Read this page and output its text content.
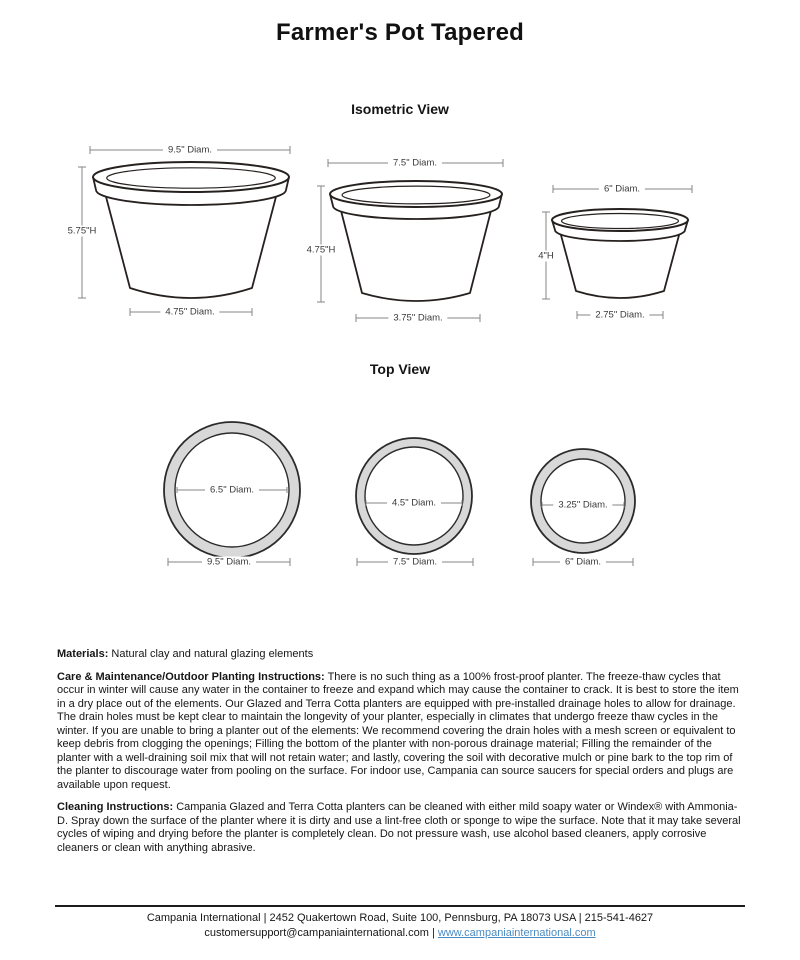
Farmer's Pot Tapered
Isometric View
Top View
9.5" Diam.
5.75"H
4.75" Diam.
7.5" Diam.
4.75"H
3.75" Diam.
6" Diam.
4"H
2.75" Diam.
6.5" Diam.
4.5" Diam.	3.25" Diam.
9.5" Diam.	7.5" Diam.	6" Diam.

Materials: Natural clay and natural glazing elements

Care & Maintenance/Outdoor Planting Instructions: There is no such thing as a 100% frost-proof planter. The freeze-thaw cycles that occur in winter will cause any water in the container to freeze and expand which may cause the container to crack. It is best to store the item in a dry place out of the elements. Our Glazed and Terra Cotta planters are equipped with pre-installed drainage holes to allow for drainage. The drain holes must be kept clear to maintain the longevity of your planter, especially in climates that undergo freeze thaw cycles in the winter. If you are unable to bring a planter out of the elements: We recommend covering the drain holes with a mesh screen or equivalent to keep debris from clogging the openings; Filling the bottom of the planter with non-porous drainage material; Filling the remainder of the planter with a well-draining soil mix that will not retain water; and lastly, covering the soil with decorative mulch or pine bark to the top rim of the planter to discourage water from pooling on the surface. For indoor use, Campania can source saucers for special orders and plugs are available upon request.

Cleaning Instructions: Campania Glazed and Terra Cotta planters can be cleaned with either mild soapy water or Windex® with Ammonia-D. Spray down the surface of the planter where it is dirty and use a lint-free cloth or sponge to wipe the surface. Note that it may take several cycles of wiping and drying before the planter is completely clean. Do not pressure wash, use alcohol based cleaners, apply corrosive cleaners or clean with anything abrasive.

Campania International | 2452 Quakertown Road, Suite 100, Pennsburg, PA 18073 USA | 215-541-4627
customersupport@campaniainternational.com | www.campaniainternational.com
